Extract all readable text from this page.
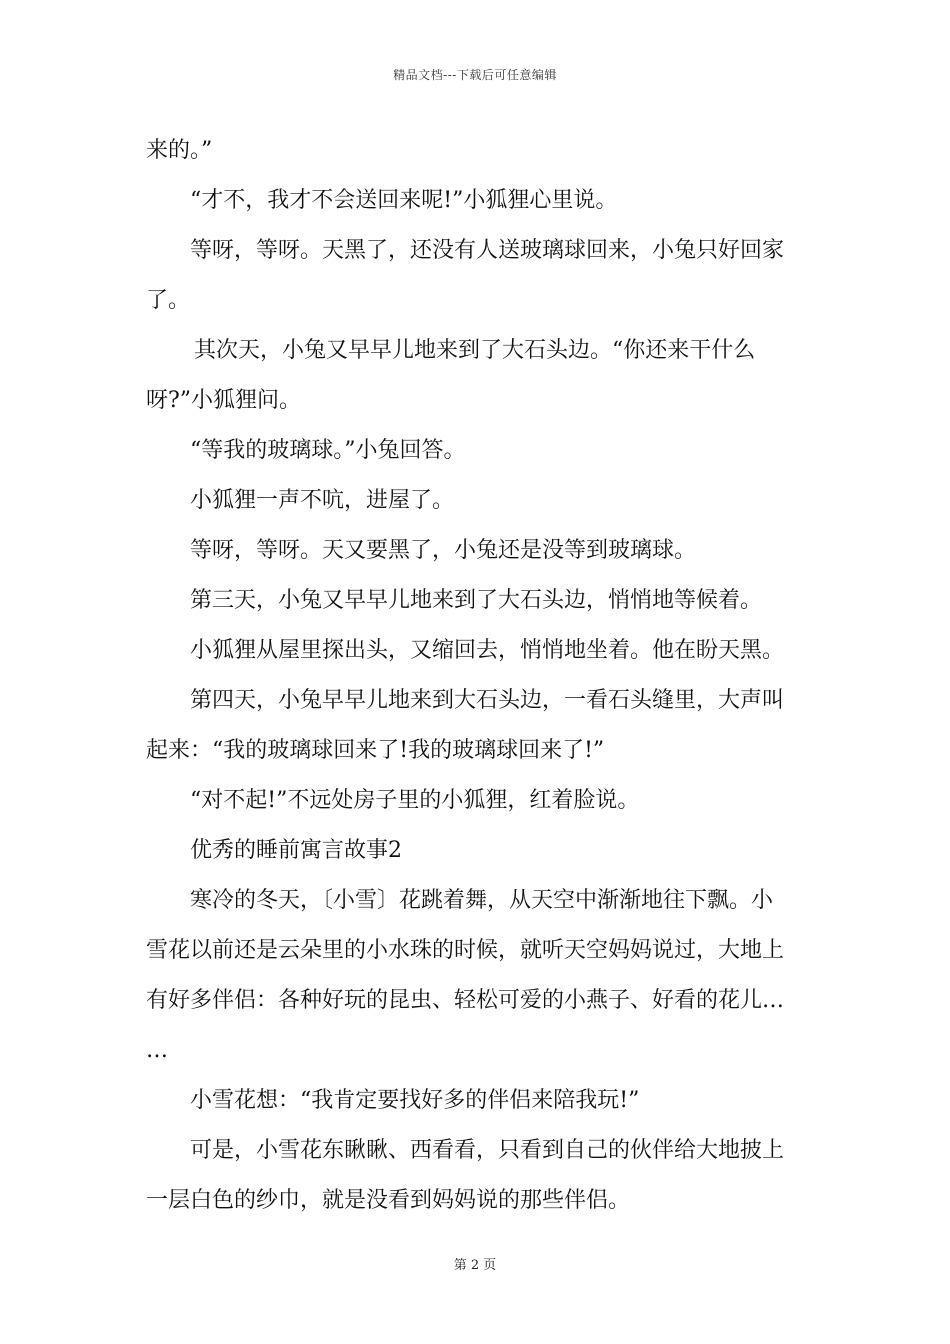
精品文档---下载后可任意编辑
来的。”
“才不，我才不会送回来呢!”小狐狸心里说。
等呀，等呀。天黑了，还没有人送玻璃球回来，小兔只好回家
了。
其次天，小兔又早早儿地来到了大石头边。“你还来干什么
呀?”小狐狸问。
“等我的玻璃球。”小兔回答。
小狐狸一声不吭，进屋了。
等呀，等呀。天又要黑了，小兔还是没等到玻璃球。
第三天，小兔又早早儿地来到了大石头边，悄悄地等候着。
小狐狸从屋里探出头，又缩回去，悄悄地坐着。他在盼天黑。
第四天，小兔早早儿地来到大石头边，一看石头缝里，大声叫
起来：“我的玻璃球回来了!我的玻璃球回来了!”
“对不起!”不远处房子里的小狐狸，红着脸说。
优秀的睡前寓言故事2
寒冷的冬天，〔小雪〕花跳着舞，从天空中渐渐地往下飘。小
雪花以前还是云朵里的小水珠的时候，就听天空妈妈说过，大地上
有好多伴侣：各种好玩的昆虫、轻松可爱的小燕子、好看的花儿…
…
小雪花想：“我肯定要找好多的伴侣来陪我玩!”
可是，小雪花东瞅瞅、西看看，只看到自己的伙伴给大地披上
一层白色的纱巾，就是没看到妈妈说的那些伴侣。
第 2 页
